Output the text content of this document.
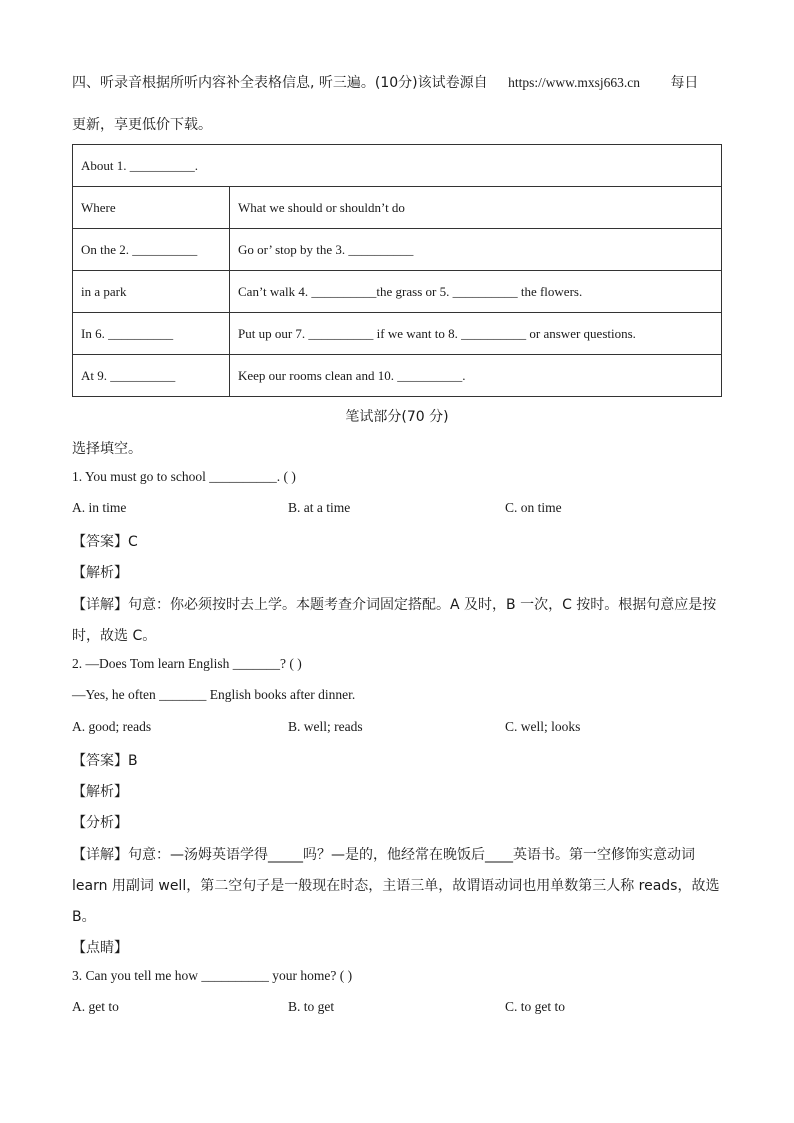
四、听录音根据所听内容补全表格信息, 听三遍。(10分)该试卷源自 https://www.mxsj663.cn 每日
更新，享更低价下载。
About 1. __________.	
Where	What we should or shouldn’t do
On the 2. __________	Go or’ stop by the 3. __________
in a park	Can’t walk 4. __________the grass or 5. __________ the flowers.
In 6. __________	Put up our 7. __________ if we want to 8. __________ or answer questions.
At 9. __________	Keep our rooms clean and 10. __________.
笔试部分(70 分)
选择填空。
1. You must go to school __________. ( )
A. in time	B. at a time	C. on time
【答案】C
【解析】
【详解】句意：你必须按时去上学。本题考查介词固定搭配。A 及时，B 一次，C 按时。根据句意应是按
时，故选 C。
2. —Does Tom learn English _______? ( )
—Yes, he often _______ English books after dinner.
A. good; reads	B. well; reads	C. well; looks
【答案】B
【解析】
【分析】
【详解】句意：—汤姆英语学得_____吗？—是的，他经常在晚饭后____英语书。第一空修饰实意动词
learn 用副词 well，第二空句子是一般现在时态，主语三单，故谓语动词也用单数第三人称 reads，故选
B。
【点睛】
3. Can you tell me how __________ your home? ( )
A. get to	B. to get	C. to get to
